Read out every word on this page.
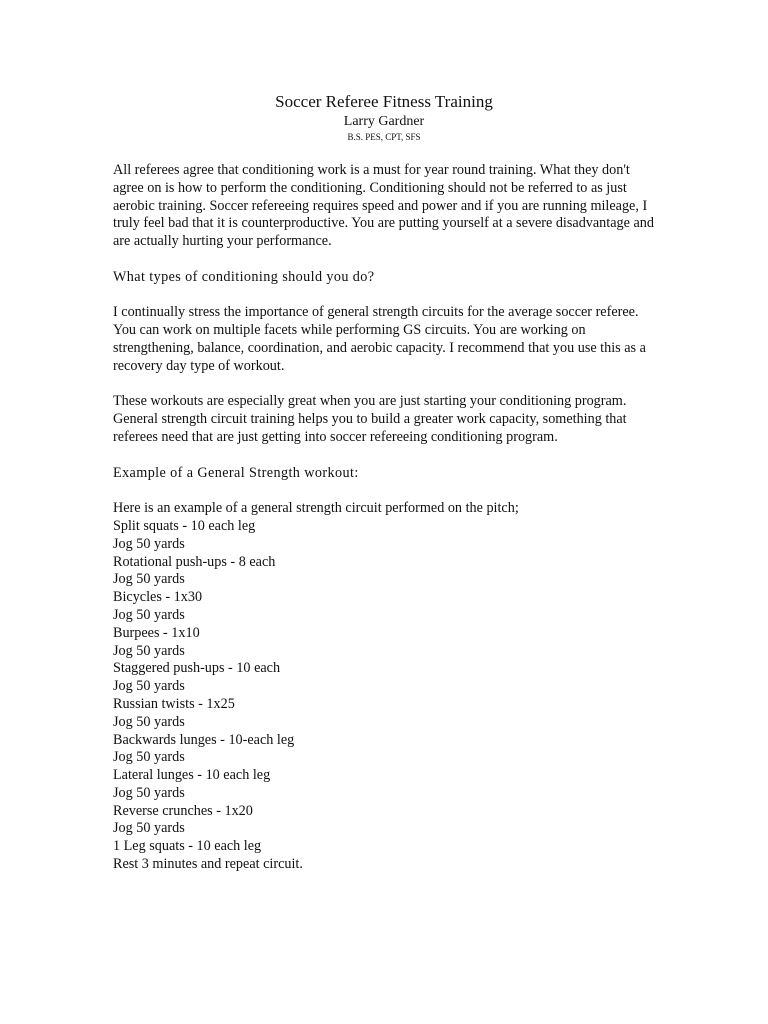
Soccer Referee Fitness Training
Larry Gardner
B.S. PES, CPT, SFS

All referees agree that conditioning work is a must for year round training. What they don't agree on is how to perform the conditioning. Conditioning should not be referred to as just aerobic training. Soccer refereeing requires speed and power and if you are running mileage, I truly feel bad that it is counterproductive. You are putting yourself at a severe disadvantage and are actually hurting your performance.

What types of conditioning should you do?

I continually stress the importance of general strength circuits for the average soccer referee. You can work on multiple facets while performing GS circuits. You are working on strengthening, balance, coordination, and aerobic capacity. I recommend that you use this as a recovery day type of workout.

These workouts are especially great when you are just starting your conditioning program. General strength circuit training helps you to build a greater work capacity, something that referees need that are just getting into soccer refereeing conditioning program.

Example of a General Strength workout:

Here is an example of a general strength circuit performed on the pitch;
Split squats - 10 each leg
Jog 50 yards
Rotational push-ups - 8 each
Jog 50 yards
Bicycles - 1x30
Jog 50 yards
Burpees - 1x10
Jog 50 yards
Staggered push-ups - 10 each
Jog 50 yards
Russian twists - 1x25
Jog 50 yards
Backwards lunges - 10-each leg
Jog 50 yards
Lateral lunges - 10 each leg
Jog 50 yards
Reverse crunches - 1x20
Jog 50 yards
1 Leg squats - 10 each leg
Rest 3 minutes and repeat circuit.
